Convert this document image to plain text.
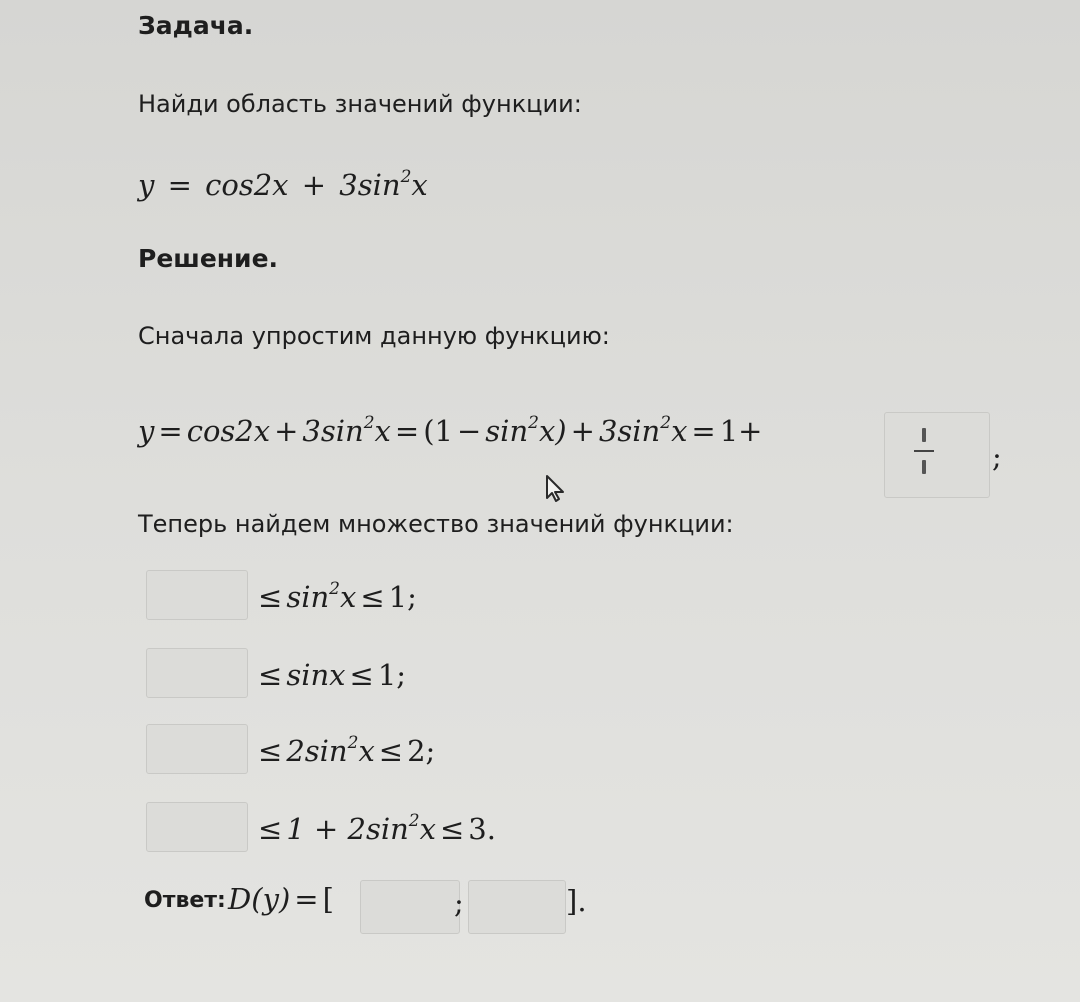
Задача.
Найди область значений функции:
$y = \cos 2x + 3\sin^2x$
Решение.
Сначала упростим данную функцию:
$y = \cos 2x + 3\sin^2x = (1 - \sin^2x) + 3\sin^2x = 1+$
;
Теперь найдем множество значений функции:
≤ $\sin^2x \le 1$;
≤ sinx ≤ 1;
≤ $2\sin^2x \le 2$;
≤ $1 + 2\sin^2x \le 3$.
Ответ: D(y) = [	;	].
